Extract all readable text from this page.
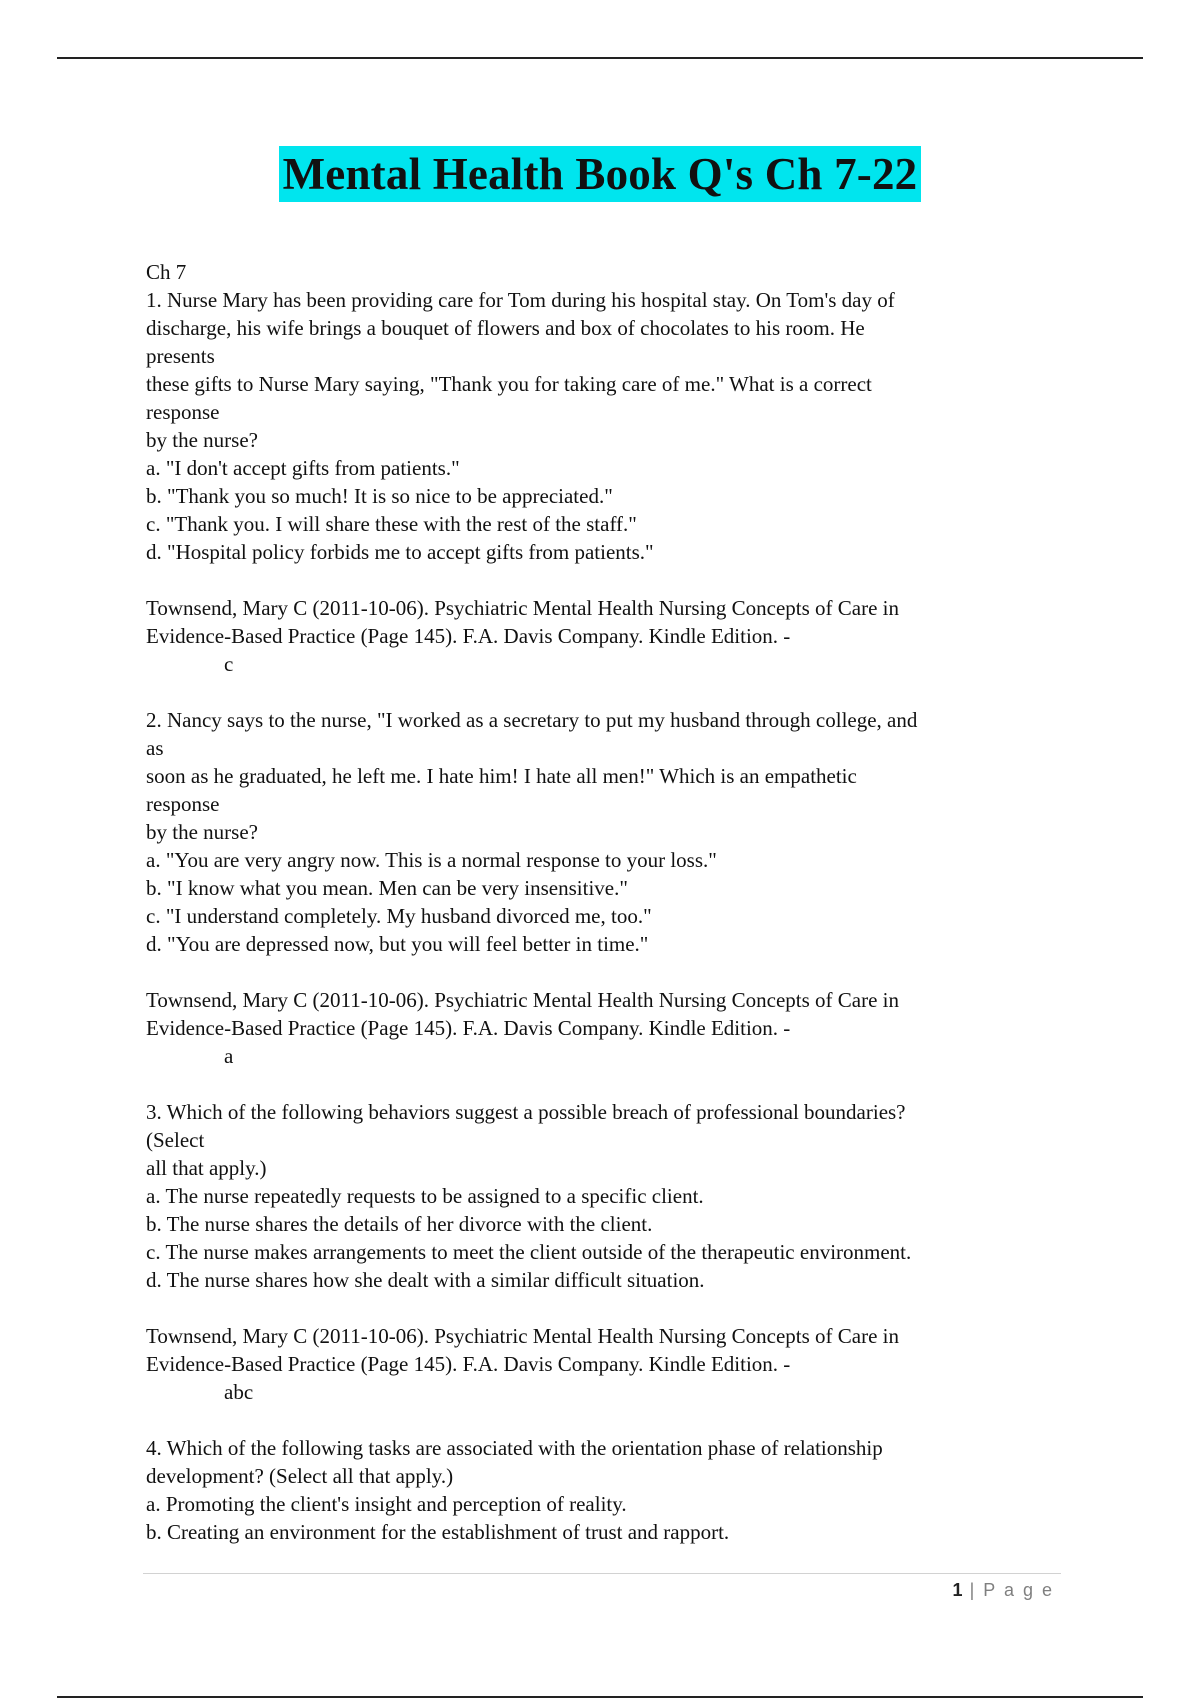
Mental Health Book Q's Ch 7-22

Ch 7

1. Nurse Mary has been providing care for Tom during his hospital stay. On Tom's day of

discharge, his wife brings a bouquet of flowers and box of chocolates to his room. He

presents

these gifts to Nurse Mary saying, "Thank you for taking care of me." What is a correct

response

by the nurse?

a. "I don't accept gifts from patients."

b. "Thank you so much! It is so nice to be appreciated."

c. "Thank you. I will share these with the rest of the staff."

d. "Hospital policy forbids me to accept gifts from patients."

Townsend, Mary C (2011-10-06). Psychiatric Mental Health Nursing Concepts of Care in

Evidence-Based Practice (Page 145). F.A. Davis Company. Kindle Edition. -

c

2. Nancy says to the nurse, "I worked as a secretary to put my husband through college, and

as

soon as he graduated, he left me. I hate him! I hate all men!" Which is an empathetic

response

by the nurse?

a. "You are very angry now. This is a normal response to your loss."

b. "I know what you mean. Men can be very insensitive."

c. "I understand completely. My husband divorced me, too."

d. "You are depressed now, but you will feel better in time."

Townsend, Mary C (2011-10-06). Psychiatric Mental Health Nursing Concepts of Care in

Evidence-Based Practice (Page 145). F.A. Davis Company. Kindle Edition. -

a

3. Which of the following behaviors suggest a possible breach of professional boundaries?

(Select

all that apply.)

a. The nurse repeatedly requests to be assigned to a specific client.

b. The nurse shares the details of her divorce with the client.

c. The nurse makes arrangements to meet the client outside of the therapeutic environment.

d. The nurse shares how she dealt with a similar difficult situation.

Townsend, Mary C (2011-10-06). Psychiatric Mental Health Nursing Concepts of Care in

Evidence-Based Practice (Page 145). F.A. Davis Company. Kindle Edition. -

abc

4. Which of the following tasks are associated with the orientation phase of relationship

development? (Select all that apply.)

a. Promoting the client's insight and perception of reality.

b. Creating an environment for the establishment of trust and rapport.

1 | P a g e
